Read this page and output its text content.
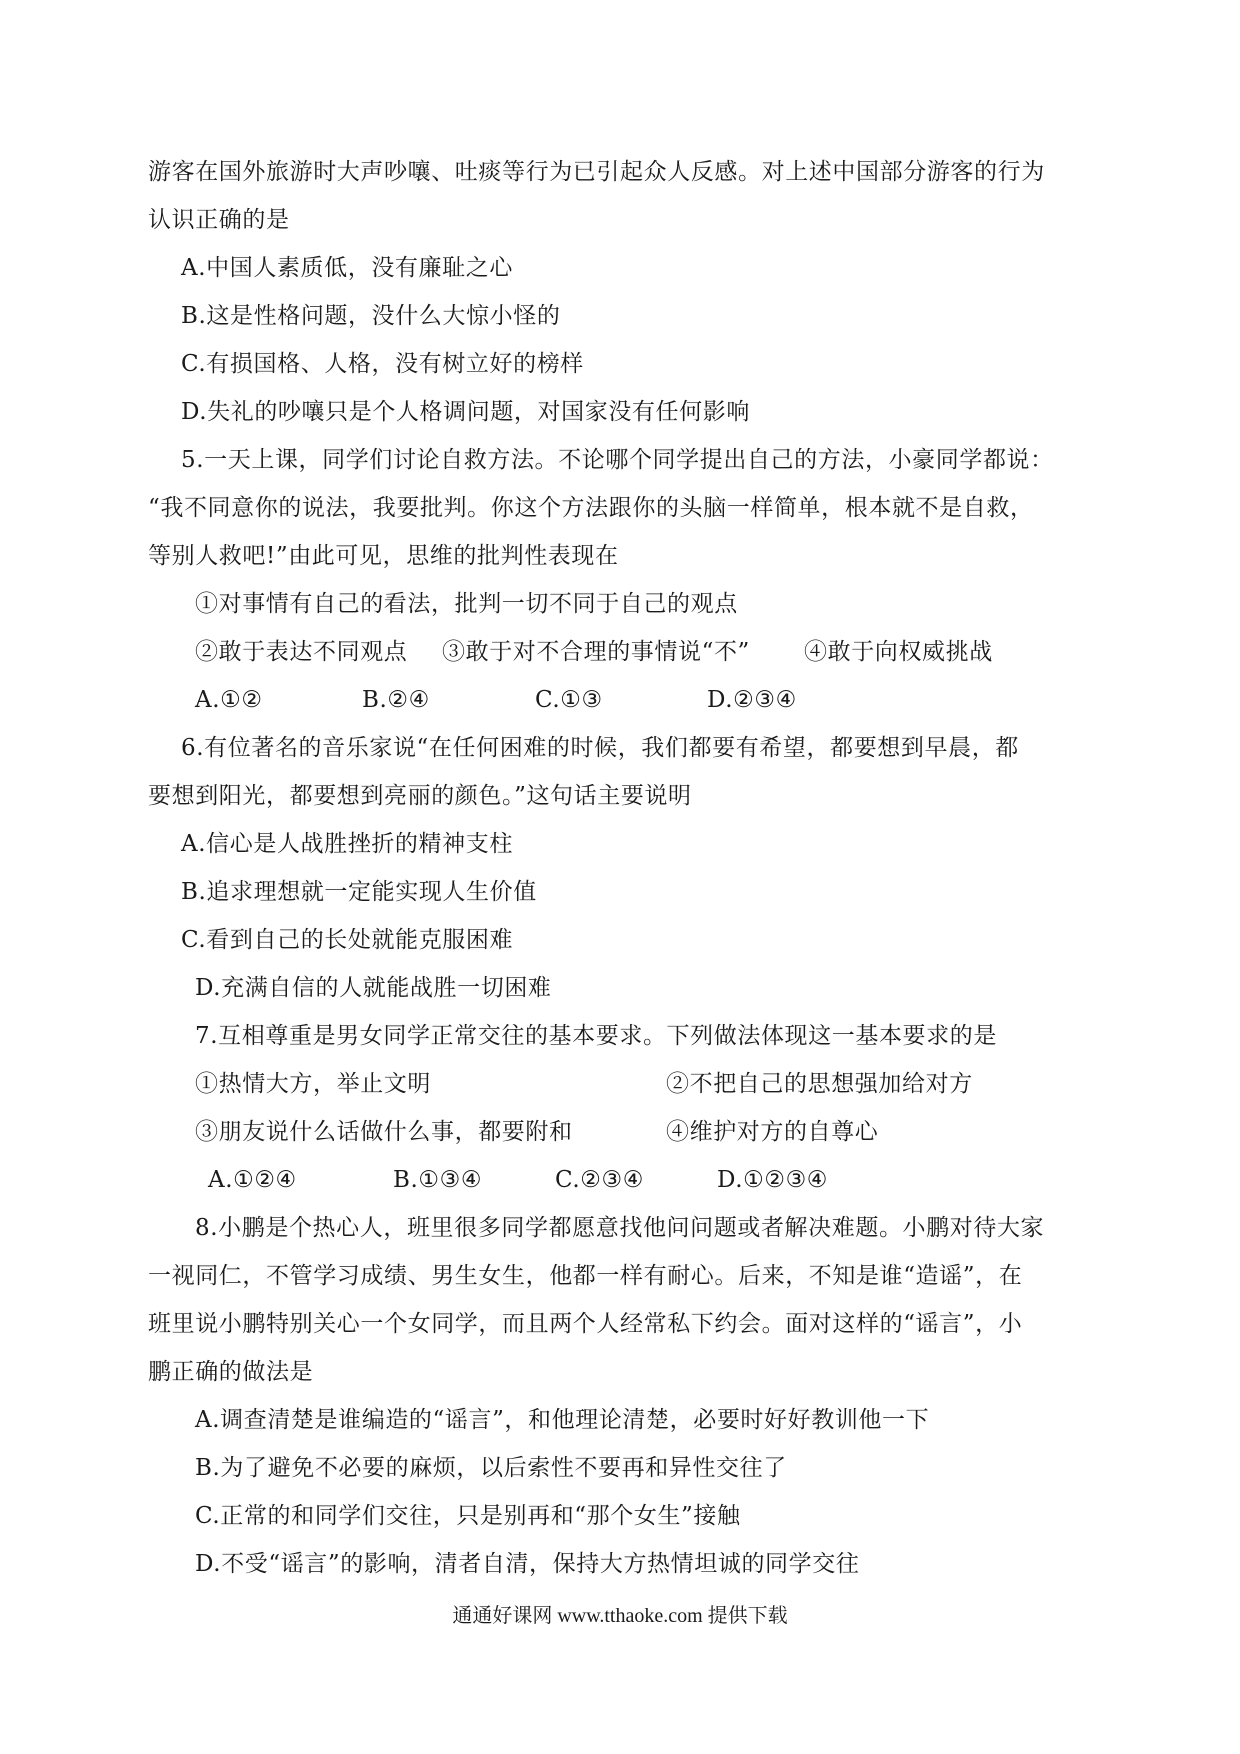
游客在国外旅游时大声吵嚷、吐痰等行为已引起众人反感。对上述中国部分游客的行为
认识正确的是
A.中国人素质低，没有廉耻之心
B.这是性格问题，没什么大惊小怪的
C.有损国格、人格，没有树立好的榜样
D.失礼的吵嚷只是个人格调问题，对国家没有任何影响
5.一天上课，同学们讨论自救方法。不论哪个同学提出自己的方法，小豪同学都说：
“我不同意你的说法，我要批判。你这个方法跟你的头脑一样简单，根本就不是自救，
等别人救吧!”由此可见，思维的批判性表现在
①对事情有自己的看法，批判一切不同于自己的观点
②敢于表达不同观点 ③敢于对不合理的事情说“不” ④敢于向权威挑战
A.①②	B.②④	C.①③	D.②③④
6.有位著名的音乐家说“在任何困难的时候，我们都要有希望，都要想到早晨，都
要想到阳光，都要想到亮丽的颜色。”这句话主要说明
A.信心是人战胜挫折的精神支柱
B.追求理想就一定能实现人生价值
C.看到自己的长处就能克服困难
D.充满自信的人就能战胜一切困难
7.互相尊重是男女同学正常交往的基本要求。下列做法体现这一基本要求的是
①热情大方，举止文明	②不把自己的思想强加给对方
③朋友说什么话做什么事，都要附和	④维护对方的自尊心
A.①②④	B.①③④	C.②③④	D.①②③④
8.小鹏是个热心人，班里很多同学都愿意找他问问题或者解决难题。小鹏对待大家
一视同仁，不管学习成绩、男生女生，他都一样有耐心。后来，不知是谁“造谣”，在
班里说小鹏特别关心一个女同学，而且两个人经常私下约会。面对这样的“谣言”，小
鹏正确的做法是
A.调查清楚是谁编造的“谣言”，和他理论清楚，必要时好好教训他一下
B.为了避免不必要的麻烦，以后索性不要再和异性交往了
C.正常的和同学们交往，只是别再和“那个女生”接触
D.不受“谣言”的影响，清者自清，保持大方热情坦诚的同学交往
通通好课网 www.tthaoke.com 提供下载
